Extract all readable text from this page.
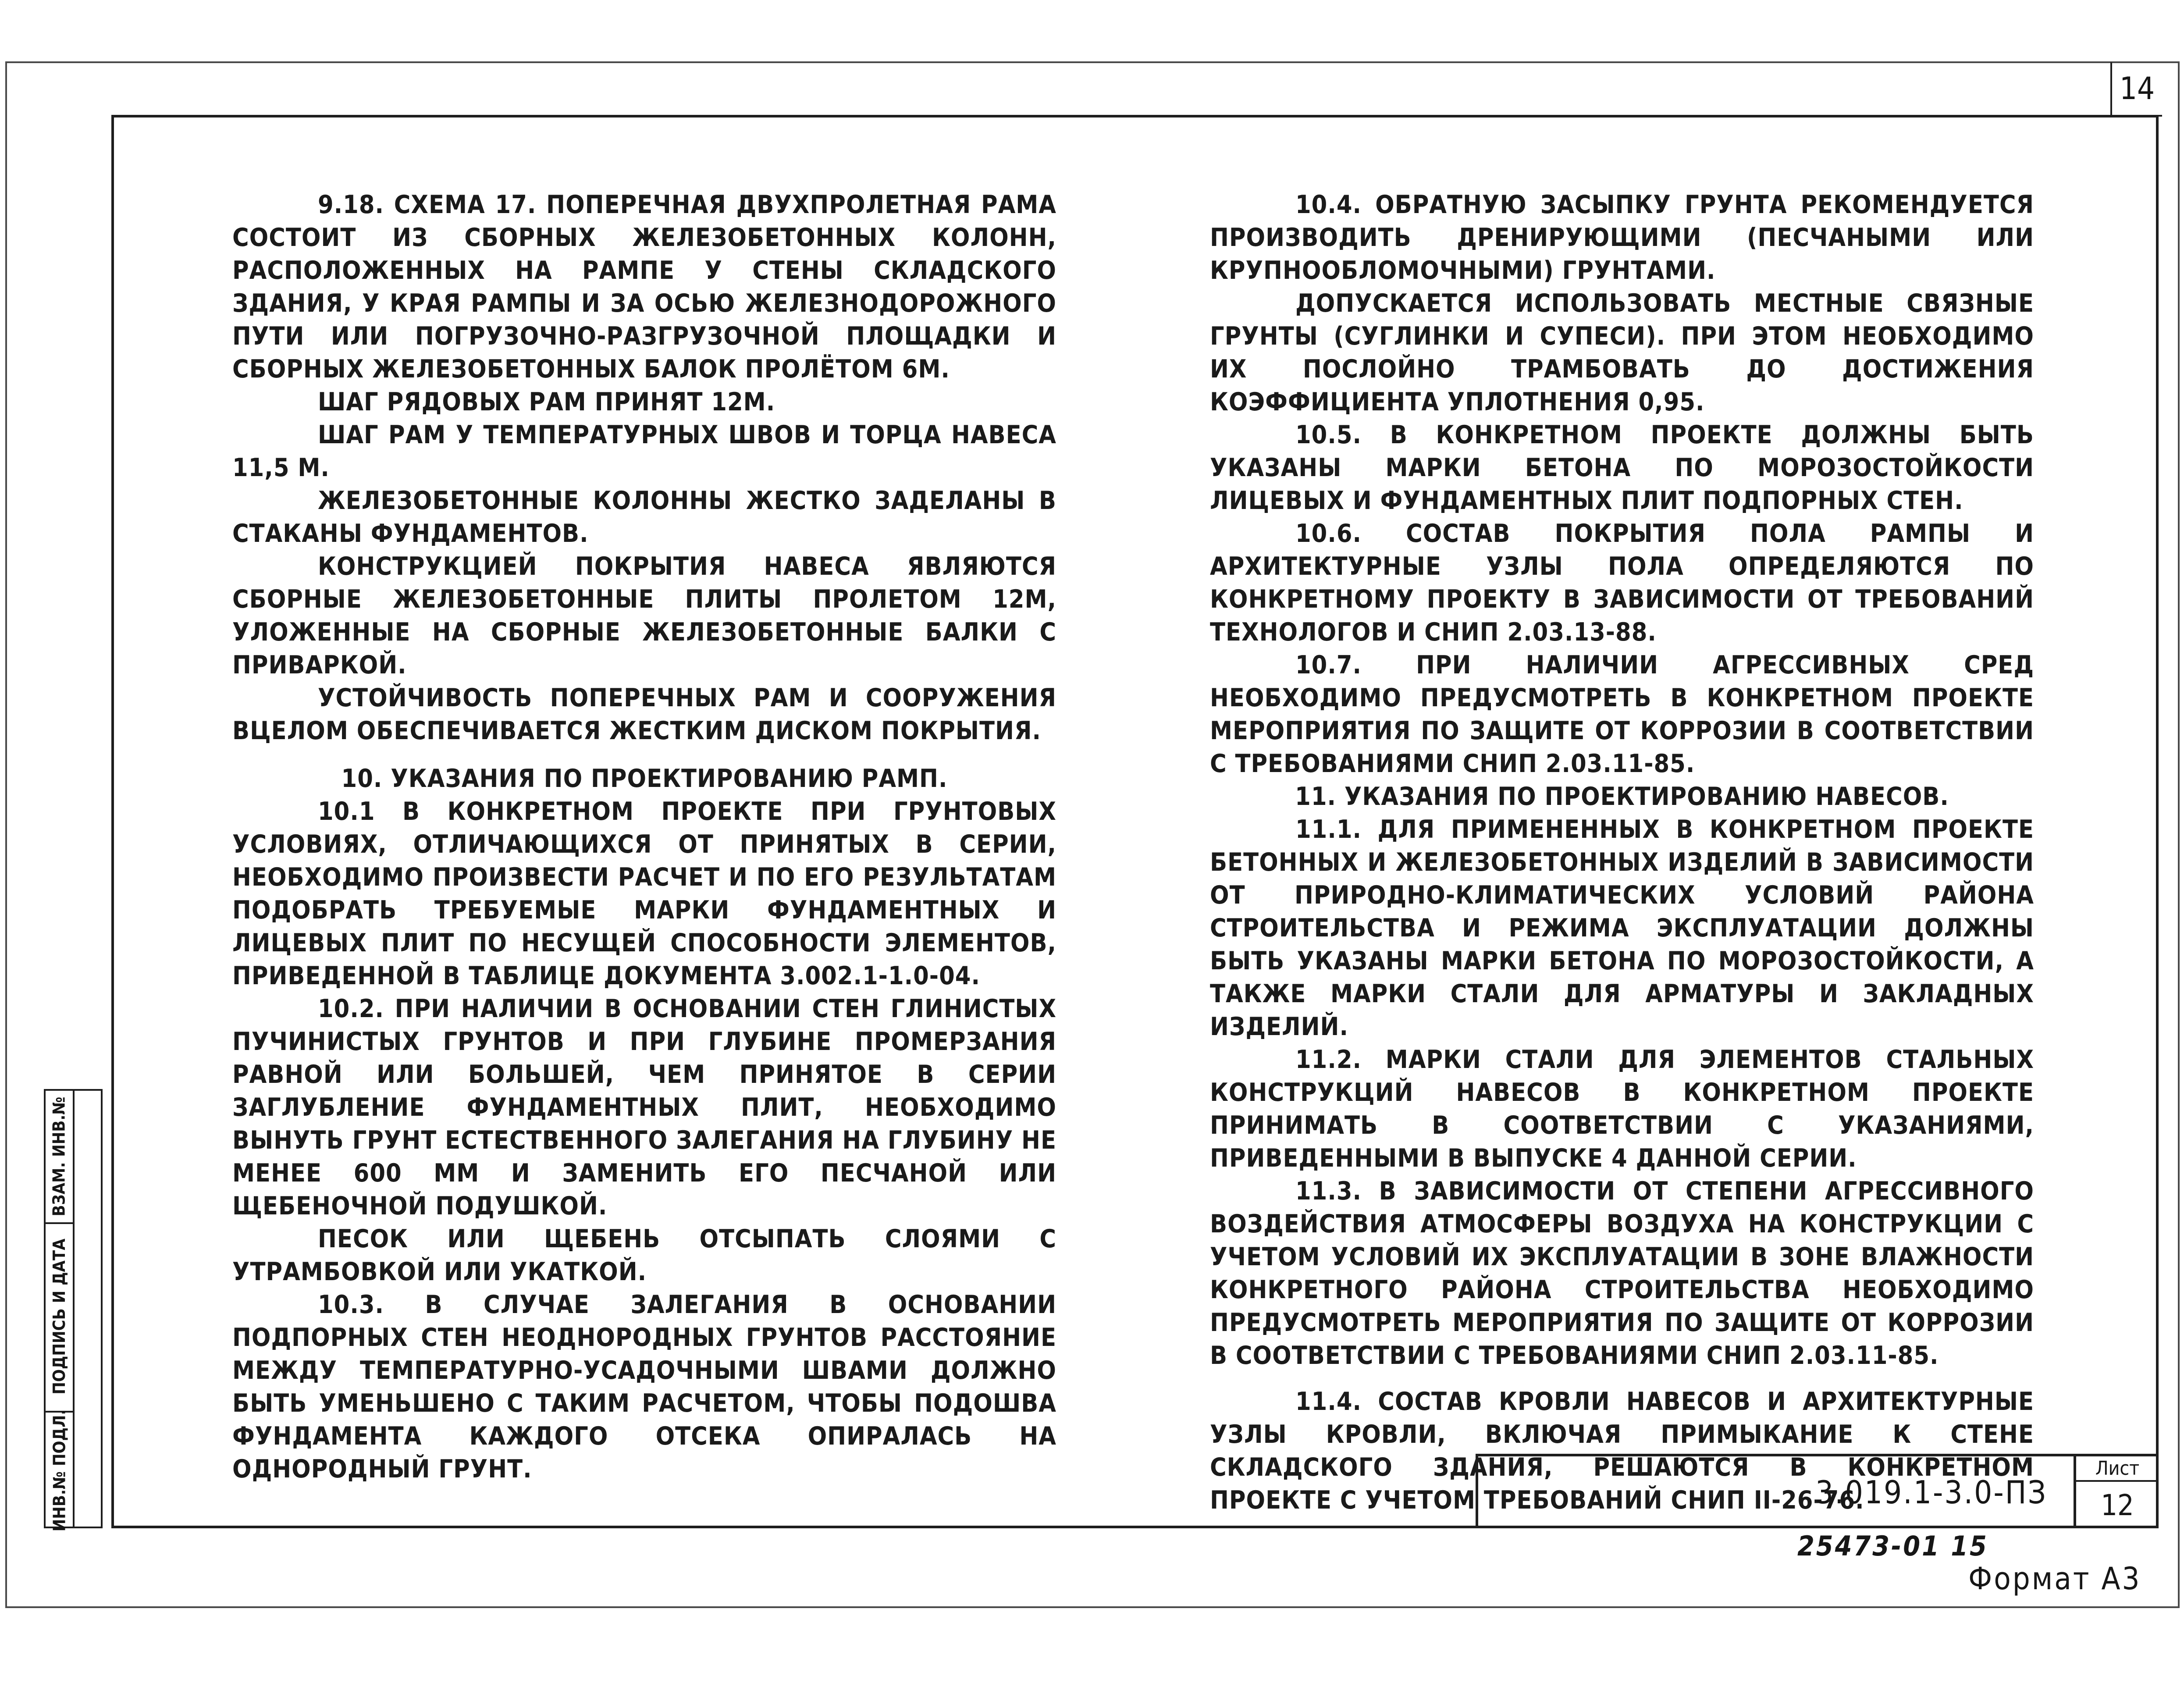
14

9.18. СХЕМА 17. ПОПЕРЕЧНАЯ ДВУХПРОЛЕТНАЯ РАМА СОСТОИТ ИЗ СБОРНЫХ ЖЕЛЕЗОБЕТОННЫХ КОЛОНН, РАСПОЛОЖЕННЫХ НА РАМПЕ У СТЕНЫ СКЛАДСКОГО ЗДАНИЯ, У КРАЯ РАМПЫ И ЗА ОСЬЮ ЖЕЛЕЗНОДОРОЖНОГО ПУТИ ИЛИ ПОГРУЗОЧНО-РАЗГРУЗОЧНОЙ ПЛОЩАДКИ И СБОРНЫХ ЖЕЛЕЗОБЕТОННЫХ БАЛОК ПРОЛЁТОМ 6М.

ШАГ РЯДОВЫХ РАМ ПРИНЯТ 12М.

ШАГ РАМ У ТЕМПЕРАТУРНЫХ ШВОВ И ТОРЦА НАВЕСА 11,5 М.

ЖЕЛЕЗОБЕТОННЫЕ КОЛОННЫ ЖЕСТКО ЗАДЕЛАНЫ В СТАКАНЫ ФУНДАМЕНТОВ.

КОНСТРУКЦИЕЙ ПОКРЫТИЯ НАВЕСА ЯВЛЯЮТСЯ СБОРНЫЕ ЖЕЛЕЗОБЕТОННЫЕ ПЛИТЫ ПРОЛЕТОМ 12М, УЛОЖЕННЫЕ НА СБОРНЫЕ ЖЕЛЕЗОБЕТОННЫЕ БАЛКИ С ПРИВАРКОЙ.

УСТОЙЧИВОСТЬ ПОПЕРЕЧНЫХ РАМ И СООРУЖЕНИЯ ВЦЕЛОМ ОБЕСПЕЧИВАЕТСЯ ЖЕСТКИМ ДИСКОМ ПОКРЫТИЯ.

10. УКАЗАНИЯ ПО ПРОЕКТИРОВАНИЮ РАМП.

10.1 В КОНКРЕТНОМ ПРОЕКТЕ ПРИ ГРУНТОВЫХ УСЛОВИЯХ, ОТЛИЧАЮЩИХСЯ ОТ ПРИНЯТЫХ В СЕРИИ, НЕОБХОДИМО ПРОИЗВЕСТИ РАСЧЕТ И ПО ЕГО РЕЗУЛЬТАТАМ ПОДОБРАТЬ ТРЕБУЕМЫЕ МАРКИ ФУНДАМЕНТНЫХ И ЛИЦЕВЫХ ПЛИТ ПО НЕСУЩЕЙ СПОСОБНОСТИ ЭЛЕМЕНТОВ, ПРИВЕДЕННОЙ В ТАБЛИЦЕ ДОКУМЕНТА 3.002.1-1.0-04.

10.2. ПРИ НАЛИЧИИ В ОСНОВАНИИ СТЕН ГЛИНИСТЫХ ПУЧИНИСТЫХ ГРУНТОВ И ПРИ ГЛУБИНЕ ПРОМЕРЗАНИЯ РАВНОЙ ИЛИ БОЛЬШЕЙ, ЧЕМ ПРИНЯТОЕ В СЕРИИ ЗАГЛУБЛЕНИЕ ФУНДАМЕНТНЫХ ПЛИТ, НЕОБХОДИМО ВЫНУТЬ ГРУНТ ЕСТЕСТВЕННОГО ЗАЛЕГАНИЯ НА ГЛУБИНУ НЕ МЕНЕЕ 600 ММ И ЗАМЕНИТЬ ЕГО ПЕСЧАНОЙ ИЛИ ЩЕБЕНОЧНОЙ ПОДУШКОЙ.

ПЕСОК ИЛИ ЩЕБЕНЬ ОТСЫПАТЬ СЛОЯМИ С УТРАМБОВКОЙ ИЛИ УКАТКОЙ.

10.3. В СЛУЧАЕ ЗАЛЕГАНИЯ В ОСНОВАНИИ ПОДПОРНЫХ СТЕН НЕОДНОРОДНЫХ ГРУНТОВ РАССТОЯНИЕ МЕЖДУ ТЕМПЕРАТУРНО-УСАДОЧНЫМИ ШВАМИ ДОЛЖНО БЫТЬ УМЕНЬШЕНО С ТАКИМ РАСЧЕТОМ, ЧТОБЫ ПОДОШВА ФУНДАМЕНТА КАЖДОГО ОТСЕКА ОПИРАЛАСЬ НА ОДНОРОДНЫЙ ГРУНТ.

10.4. ОБРАТНУЮ ЗАСЫПКУ ГРУНТА РЕКОМЕНДУЕТСЯ ПРОИЗВОДИТЬ ДРЕНИРУЮЩИМИ (ПЕСЧАНЫМИ ИЛИ КРУПНООБЛОМОЧНЫМИ) ГРУНТАМИ.

ДОПУСКАЕТСЯ ИСПОЛЬЗОВАТЬ МЕСТНЫЕ СВЯЗНЫЕ ГРУНТЫ (СУГЛИНКИ И СУПЕСИ). ПРИ ЭТОМ НЕОБХОДИМО ИХ ПОСЛОЙНО ТРАМБОВАТЬ ДО ДОСТИЖЕНИЯ КОЭФФИЦИЕНТА УПЛОТНЕНИЯ 0,95.

10.5. В КОНКРЕТНОМ ПРОЕКТЕ ДОЛЖНЫ БЫТЬ УКАЗАНЫ МАРКИ БЕТОНА ПО МОРОЗОСТОЙКОСТИ ЛИЦЕВЫХ И ФУНДАМЕНТНЫХ ПЛИТ ПОДПОРНЫХ СТЕН.

10.6. СОСТАВ ПОКРЫТИЯ ПОЛА РАМПЫ И АРХИТЕКТУРНЫЕ УЗЛЫ ПОЛА ОПРЕДЕЛЯЮТСЯ ПО КОНКРЕТНОМУ ПРОЕКТУ В ЗАВИСИМОСТИ ОТ ТРЕБОВАНИЙ ТЕХНОЛОГОВ И СНИП 2.03.13-88.

10.7. ПРИ НАЛИЧИИ АГРЕССИВНЫХ СРЕД НЕОБХОДИМО ПРЕДУСМОТРЕТЬ В КОНКРЕТНОМ ПРОЕКТЕ МЕРОПРИЯТИЯ ПО ЗАЩИТЕ ОТ КОРРОЗИИ В СООТВЕТСТВИИ С ТРЕБОВАНИЯМИ СНИП 2.03.11-85.

11. УКАЗАНИЯ ПО ПРОЕКТИРОВАНИЮ НАВЕСОВ.

11.1. ДЛЯ ПРИМЕНЕННЫХ В КОНКРЕТНОМ ПРОЕКТЕ БЕТОННЫХ И ЖЕЛЕЗОБЕТОННЫХ ИЗДЕЛИЙ В ЗАВИСИМОСТИ ОТ ПРИРОДНО-КЛИМАТИЧЕСКИХ УСЛОВИЙ РАЙОНА СТРОИТЕЛЬСТВА И РЕЖИМА ЭКСПЛУАТАЦИИ ДОЛЖНЫ БЫТЬ УКАЗАНЫ МАРКИ БЕТОНА ПО МОРОЗОСТОЙКОСТИ, А ТАКЖЕ МАРКИ СТАЛИ ДЛЯ АРМАТУРЫ И ЗАКЛАДНЫХ ИЗДЕЛИЙ.

11.2. МАРКИ СТАЛИ ДЛЯ ЭЛЕМЕНТОВ СТАЛЬНЫХ КОНСТРУКЦИЙ НАВЕСОВ В КОНКРЕТНОМ ПРОЕКТЕ ПРИНИМАТЬ В СООТВЕТСТВИИ С УКАЗАНИЯМИ, ПРИВЕДЕННЫМИ В ВЫПУСКЕ 4 ДАННОЙ СЕРИИ.

11.3. В ЗАВИСИМОСТИ ОТ СТЕПЕНИ АГРЕССИВНОГО ВОЗДЕЙСТВИЯ АТМОСФЕРЫ ВОЗДУХА НА КОНСТРУКЦИИ С УЧЕТОМ УСЛОВИЙ ИХ ЭКСПЛУАТАЦИИ В ЗОНЕ ВЛАЖНОСТИ КОНКРЕТНОГО РАЙОНА СТРОИТЕЛЬСТВА НЕОБХОДИМО ПРЕДУСМОТРЕТЬ МЕРОПРИЯТИЯ ПО ЗАЩИТЕ ОТ КОРРОЗИИ В СООТВЕТСТВИИ С ТРЕБОВАНИЯМИ СНИП 2.03.11-85.

11.4. СОСТАВ КРОВЛИ НАВЕСОВ И АРХИТЕКТУРНЫЕ УЗЛЫ КРОВЛИ, ВКЛЮЧАЯ ПРИМЫКАНИЕ К СТЕНЕ СКЛАДСКОГО ЗДАНИЯ, РЕШАЮТСЯ В КОНКРЕТНОМ ПРОЕКТЕ С УЧЕТОМ ТРЕБОВАНИЙ СНИП II-26-76.

ВЗАМ. ИНВ.№
ПОДПИСЬ И ДАТА
ИНВ.№ ПОДЛ.	3.019.1-3.0-ПЗ
Лист
12
25473-01 15
Формат А3
